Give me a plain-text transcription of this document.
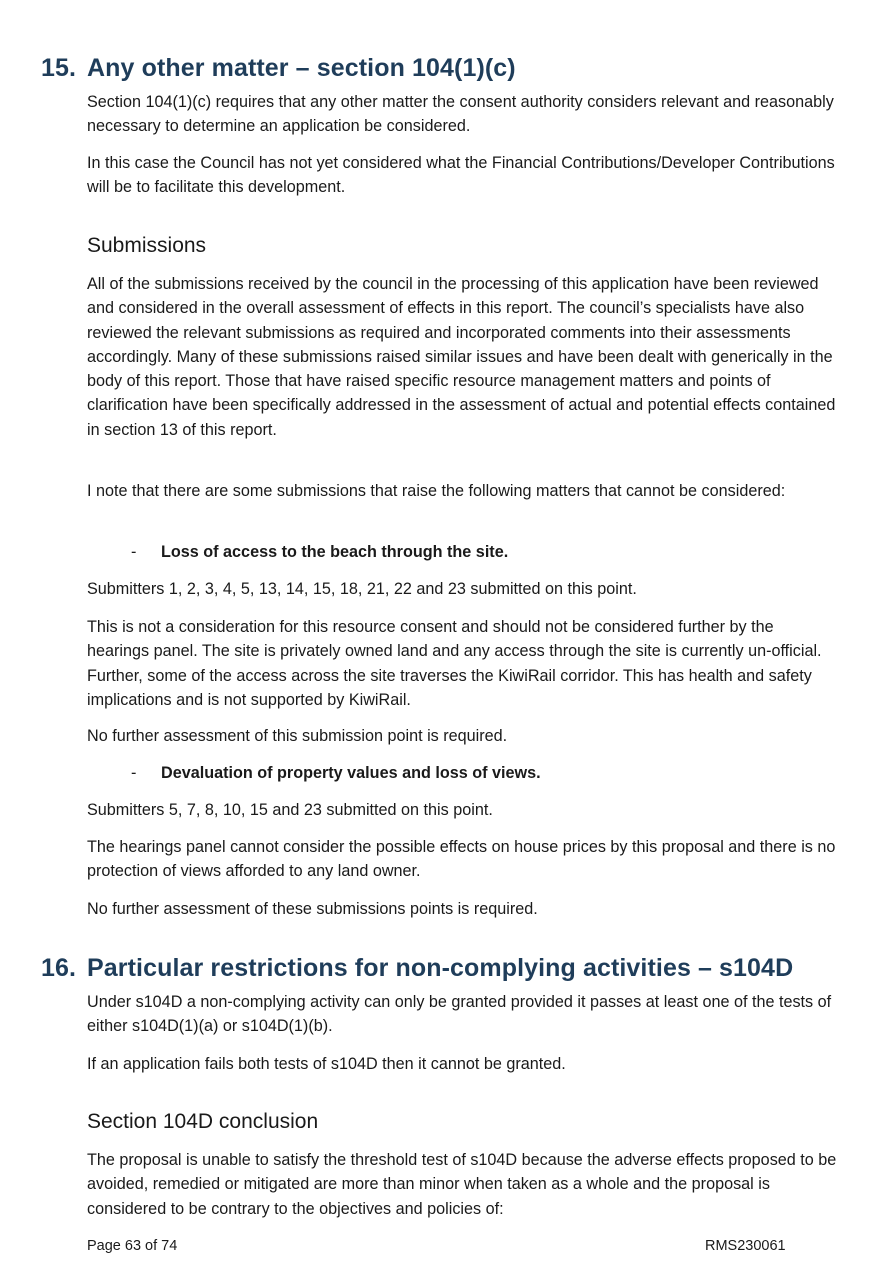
15. Any other matter – section 104(1)(c)
Section 104(1)(c) requires that any other matter the consent authority considers relevant and reasonably necessary to determine an application be considered.
In this case the Council has not yet considered what the Financial Contributions/Developer Contributions will be to facilitate this development.
Submissions
All of the submissions received by the council in the processing of this application have been reviewed and considered in the overall assessment of effects in this report. The council’s specialists have also reviewed the relevant submissions as required and incorporated comments into their assessments accordingly. Many of these submissions raised similar issues and have been dealt with generically in the body of this report. Those that have raised specific resource management matters and points of clarification have been specifically addressed in the assessment of actual and potential effects contained in section 13 of this report.
I note that there are some submissions that raise the following matters that cannot be considered:
- Loss of access to the beach through the site.
Submitters 1, 2, 3, 4, 5, 13, 14, 15, 18, 21, 22 and 23 submitted on this point.
This is not a consideration for this resource consent and should not be considered further by the hearings panel. The site is privately owned land and any access through the site is currently un-official. Further, some of the access across the site traverses the KiwiRail corridor. This has health and safety implications and is not supported by KiwiRail.
No further assessment of this submission point is required.
- Devaluation of property values and loss of views.
Submitters 5, 7, 8, 10, 15 and 23 submitted on this point.
The hearings panel cannot consider the possible effects on house prices by this proposal and there is no protection of views afforded to any land owner.
No further assessment of these submissions points is required.
16. Particular restrictions for non-complying activities – s104D
Under s104D a non-complying activity can only be granted provided it passes at least one of the tests of either s104D(1)(a) or s104D(1)(b).
If an application fails both tests of s104D then it cannot be granted.
Section 104D conclusion
The proposal is unable to satisfy the threshold test of s104D because the adverse effects proposed to be avoided, remedied or mitigated are more than minor when taken as a whole and the proposal is considered to be contrary to the objectives and policies of:
Page 63 of 74	RMS230061
